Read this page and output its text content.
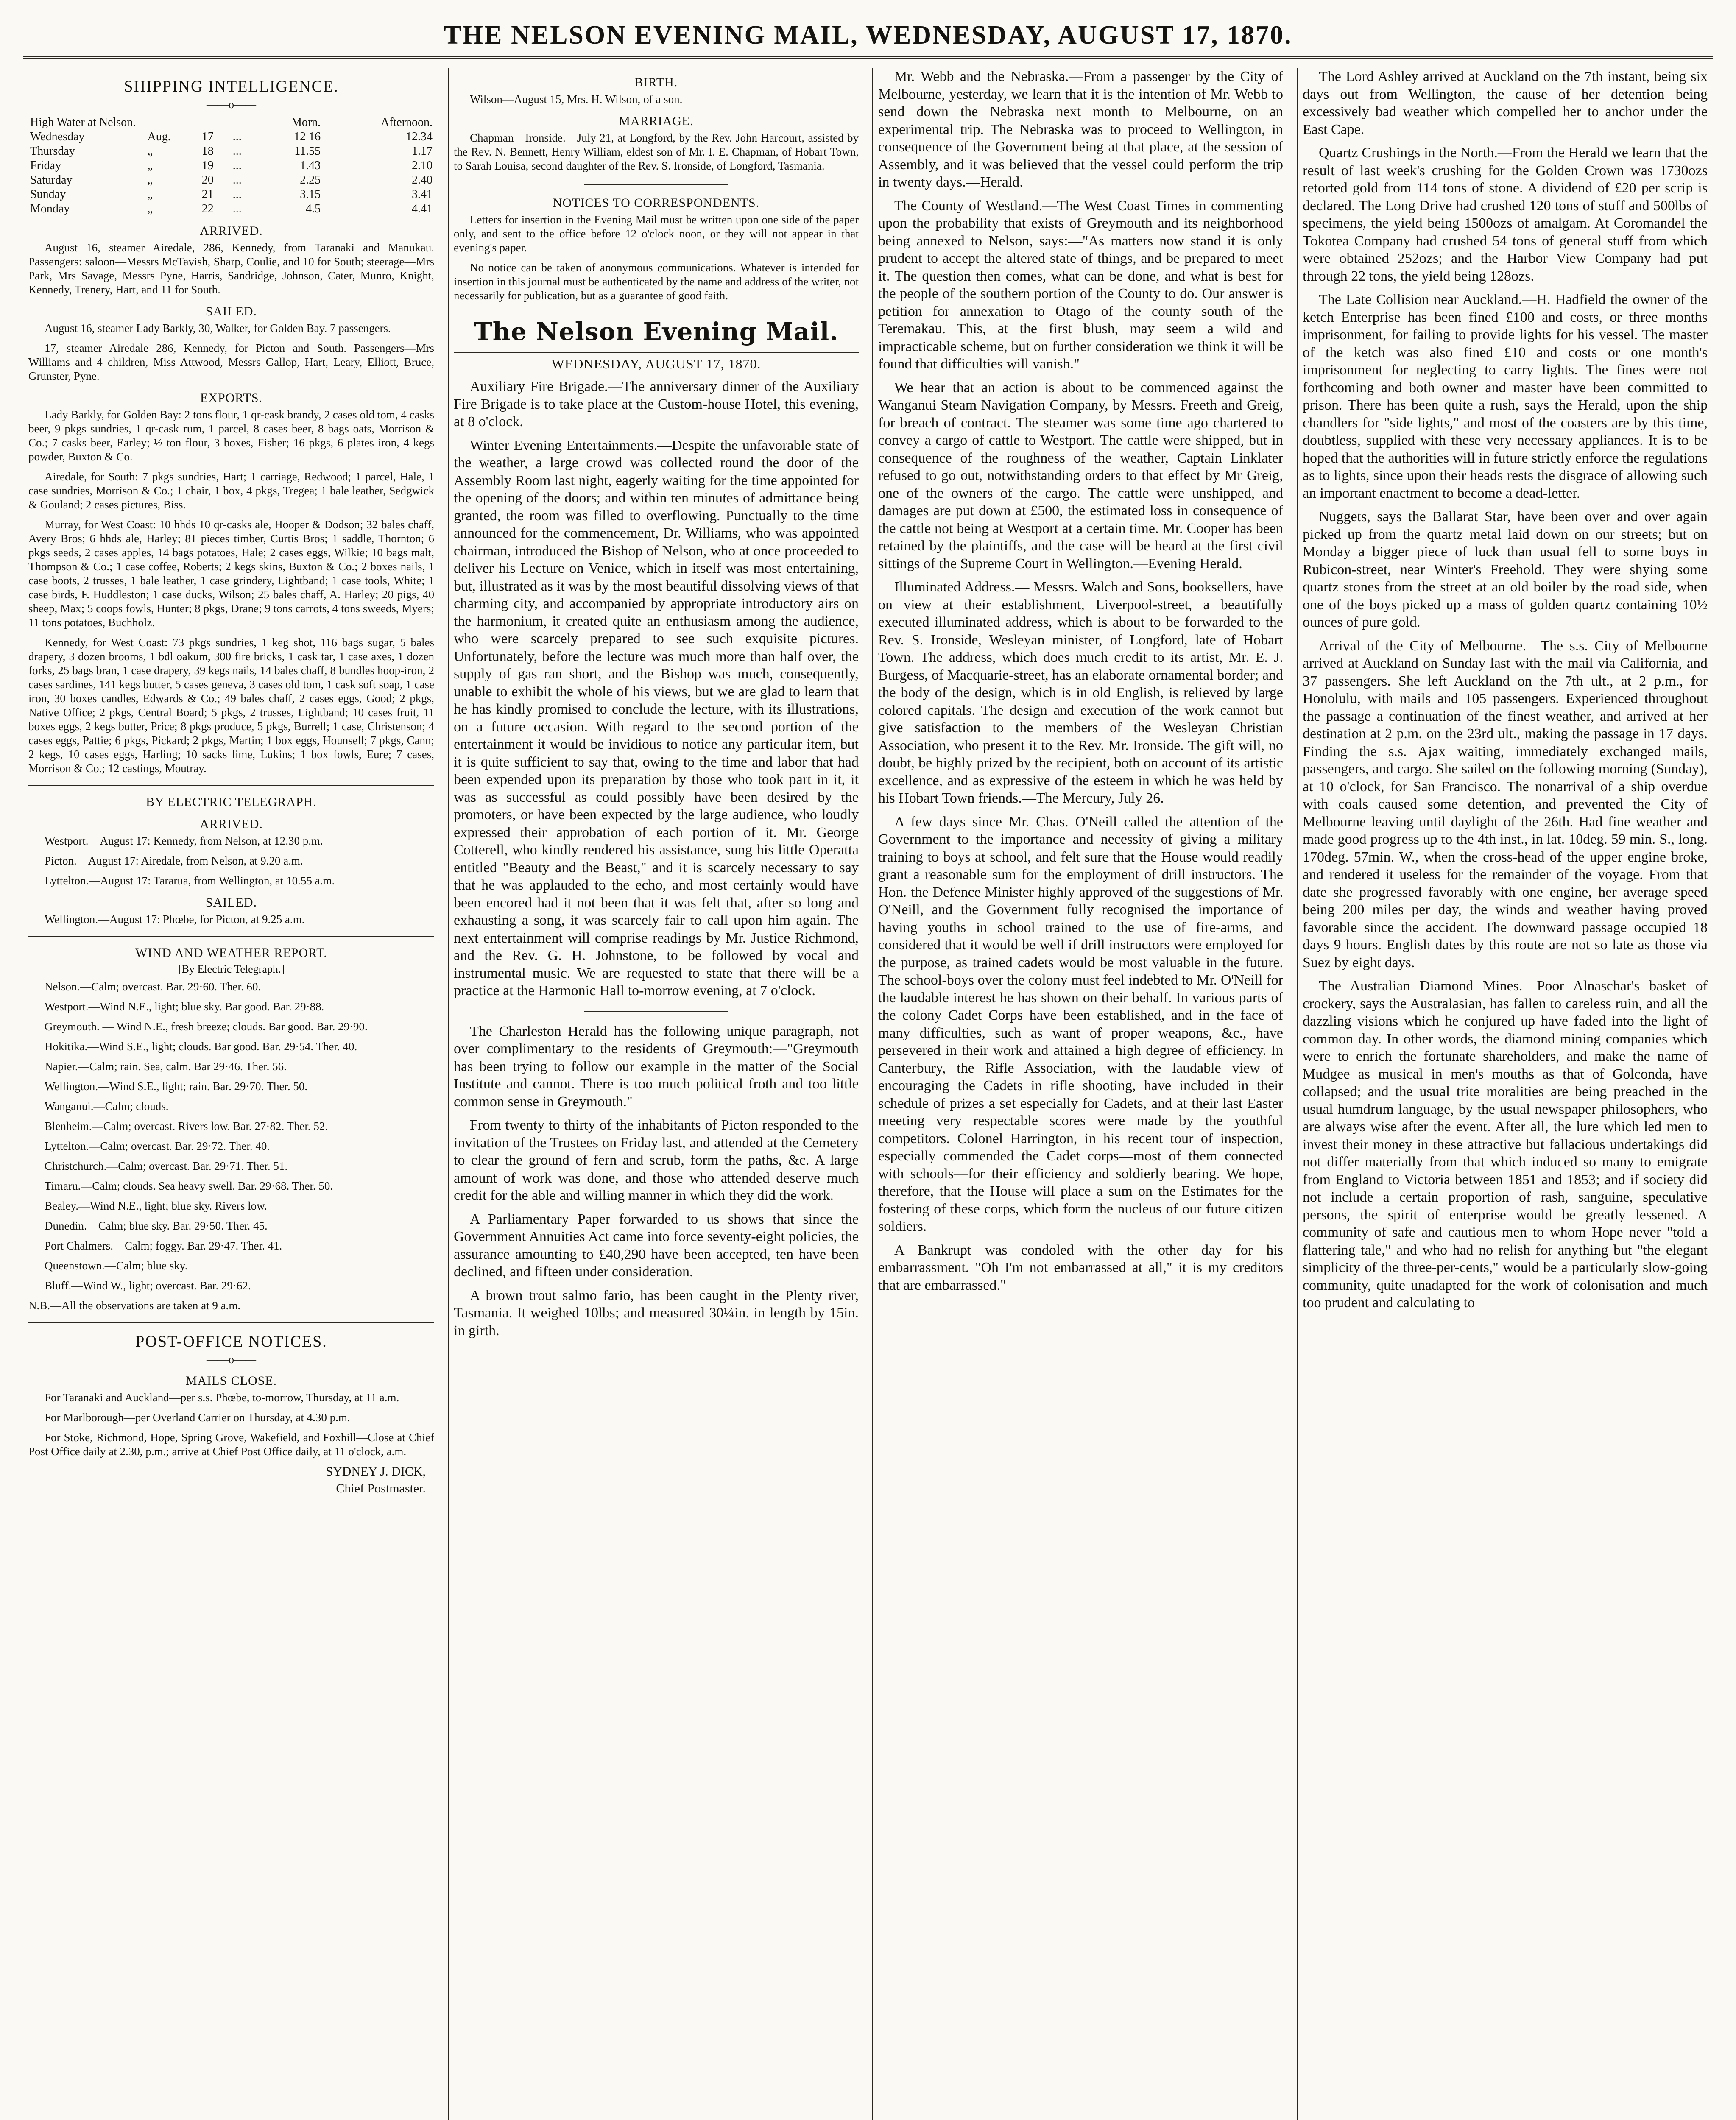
THE NELSON EVENING MAIL, WEDNESDAY, AUGUST 17, 1870.
SHIPPING INTELLIGENCE.
——o——
High Water at Nelson.				Morn.	Afternoon.
Wednesday	Aug.	17	...	12 16	12.34
Thursday	„	18	...	11.55	1.17
Friday	„	19	...	1.43	2.10
Saturday	„	20	...	2.25	2.40
Sunday	„	21	...	3.15	3.41
Monday	„	22	...	4.5	4.41
ARRIVED.

August 16, steamer Airedale, 286, Kennedy, from Taranaki and Manukau. Passengers: saloon—Messrs McTavish, Sharp, Coulie, and 10 for South; steerage—Mrs Park, Mrs Savage, Messrs Pyne, Harris, Sandridge, Johnson, Cater, Munro, Knight, Kennedy, Trenery, Hart, and 11 for South.

SAILED.

August 16, steamer Lady Barkly, 30, Walker, for Golden Bay. 7 passengers.

17, steamer Airedale 286, Kennedy, for Picton and South. Passengers—Mrs Williams and 4 children, Miss Attwood, Messrs Gallop, Hart, Leary, Elliott, Bruce, Grunster, Pyne.

EXPORTS.

Lady Barkly, for Golden Bay: 2 tons flour, 1 qr-cask brandy, 2 cases old tom, 4 casks beer, 9 pkgs sundries, 1 qr-cask rum, 1 parcel, 8 cases beer, 8 bags oats, Morrison & Co.; 7 casks beer, Earley; ½ ton flour, 3 boxes, Fisher; 16 pkgs, 6 plates iron, 4 kegs powder, Buxton & Co.

Airedale, for South: 7 pkgs sundries, Hart; 1 carriage, Redwood; 1 parcel, Hale, 1 case sundries, Morrison & Co.; 1 chair, 1 box, 4 pkgs, Tregea; 1 bale leather, Sedgwick & Gouland; 2 cases pictures, Biss.

Murray, for West Coast: 10 hhds 10 qr-casks ale, Hooper & Dodson; 32 bales chaff, Avery Bros; 6 hhds ale, Harley; 81 pieces timber, Curtis Bros; 1 saddle, Thornton; 6 pkgs seeds, 2 cases apples, 14 bags potatoes, Hale; 2 cases eggs, Wilkie; 10 bags malt, Thompson & Co.; 1 case coffee, Roberts; 2 kegs skins, Buxton & Co.; 2 boxes nails, 1 case boots, 2 trusses, 1 bale leather, 1 case grindery, Lightband; 1 case tools, White; 1 case birds, F. Huddleston; 1 case ducks, Wilson; 25 bales chaff, A. Harley; 20 pigs, 40 sheep, Max; 5 coops fowls, Hunter; 8 pkgs, Drane; 9 tons carrots, 4 tons sweeds, Myers; 11 tons potatoes, Buchholz.

Kennedy, for West Coast: 73 pkgs sundries, 1 keg shot, 116 bags sugar, 5 bales drapery, 3 dozen brooms, 1 bdl oakum, 300 fire bricks, 1 cask tar, 1 case axes, 1 dozen forks, 25 bags bran, 1 case drapery, 39 kegs nails, 14 bales chaff, 8 bundles hoop-iron, 2 cases sardines, 141 kegs butter, 5 cases geneva, 3 cases old tom, 1 cask soft soap, 1 case iron, 30 boxes candles, Edwards & Co.; 49 bales chaff, 2 cases eggs, Good; 2 pkgs, Native Office; 2 pkgs, Central Board; 5 pkgs, 2 trusses, Lightband; 10 cases fruit, 11 boxes eggs, 2 kegs butter, Price; 8 pkgs produce, 5 pkgs, Burrell; 1 case, Christenson; 4 cases eggs, Pattie; 6 pkgs, Pickard; 2 pkgs, Martin; 1 box eggs, Hounsell; 7 pkgs, Cann; 2 kegs, 10 cases eggs, Harling; 10 sacks lime, Lukins; 1 box fowls, Eure; 7 cases, Morrison & Co.; 12 castings, Moutray.

BY ELECTRIC TELEGRAPH.
ARRIVED.

Westport.—August 17: Kennedy, from Nelson, at 12.30 p.m.

Picton.—August 17: Airedale, from Nelson, at 9.20 a.m.

Lyttelton.—August 17: Tararua, from Wellington, at 10.55 a.m.

SAILED.

Wellington.—August 17: Phœbe, for Picton, at 9.25 a.m.

WIND AND WEATHER REPORT.
[By Electric Telegraph.]

Nelson.—Calm; overcast. Bar. 29·60. Ther. 60.

Westport.—Wind N.E., light; blue sky. Bar good. Bar. 29·88.

Greymouth. — Wind N.E., fresh breeze; clouds. Bar good. Bar. 29·90.

Hokitika.—Wind S.E., light; clouds. Bar good. Bar. 29·54. Ther. 40.

Napier.—Calm; rain. Sea, calm. Bar 29·46. Ther. 56.

Wellington.—Wind S.E., light; rain. Bar. 29·70. Ther. 50.

Wanganui.—Calm; clouds.

Blenheim.—Calm; overcast. Rivers low. Bar. 27·82. Ther. 52.

Lyttelton.—Calm; overcast. Bar. 29·72. Ther. 40.

Christchurch.—Calm; overcast. Bar. 29·71. Ther. 51.

Timaru.—Calm; clouds. Sea heavy swell. Bar. 29·68. Ther. 50.

Bealey.—Wind N.E., light; blue sky. Rivers low.

Dunedin.—Calm; blue sky. Bar. 29·50. Ther. 45.

Port Chalmers.—Calm; foggy. Bar. 29·47. Ther. 41.

Queenstown.—Calm; blue sky.

Bluff.—Wind W., light; overcast. Bar. 29·62.

N.B.—All the observations are taken at 9 a.m.

POST-OFFICE NOTICES.
——o——
MAILS CLOSE.

For Taranaki and Auckland—per s.s. Phœbe, to-morrow, Thursday, at 11 a.m.

For Marlborough—per Overland Carrier on Thursday, at 4.30 p.m.

For Stoke, Richmond, Hope, Spring Grove, Wakefield, and Foxhill—Close at Chief Post Office daily at 2.30, p.m.; arrive at Chief Post Office daily, at 11 o'clock, a.m.

SYDNEY J. DICK,
Chief Postmaster.
BIRTH.

Wilson—August 15, Mrs. H. Wilson, of a son.

MARRIAGE.

Chapman—Ironside.—July 21, at Longford, by the Rev. John Harcourt, assisted by the Rev. N. Bennett, Henry William, eldest son of Mr. I. E. Chapman, of Hobart Town, to Sarah Louisa, second daughter of the Rev. S. Ironside, of Longford, Tasmania.

NOTICES TO CORRESPONDENTS.

Letters for insertion in the Evening Mail must be written upon one side of the paper only, and sent to the office before 12 o'clock noon, or they will not appear in that evening's paper.

No notice can be taken of anonymous communications. Whatever is intended for insertion in this journal must be authenticated by the name and address of the writer, not necessarily for publication, but as a guarantee of good faith.

The Nelson Evening Mail.
WEDNESDAY, AUGUST 17, 1870.

Auxiliary Fire Brigade.—The anniversary dinner of the Auxiliary Fire Brigade is to take place at the Custom-house Hotel, this evening, at 8 o'clock.

Winter Evening Entertainments.—Despite the unfavorable state of the weather, a large crowd was collected round the door of the Assembly Room last night, eagerly waiting for the time appointed for the opening of the doors; and within ten minutes of admittance being granted, the room was filled to overflowing. Punctually to the time announced for the commencement, Dr. Williams, who was appointed chairman, introduced the Bishop of Nelson, who at once proceeded to deliver his Lecture on Venice, which in itself was most entertaining, but, illustrated as it was by the most beautiful dissolving views of that charming city, and accompanied by appropriate introductory airs on the harmonium, it created quite an enthusiasm among the audience, who were scarcely prepared to see such exquisite pictures. Unfortunately, before the lecture was much more than half over, the supply of gas ran short, and the Bishop was much, consequently, unable to exhibit the whole of his views, but we are glad to learn that he has kindly promised to conclude the lecture, with its illustrations, on a future occasion. With regard to the second portion of the entertainment it would be invidious to notice any particular item, but it is quite sufficient to say that, owing to the time and labor that had been expended upon its preparation by those who took part in it, it was as successful as could possibly have been desired by the promoters, or have been expected by the large audience, who loudly expressed their approbation of each portion of it. Mr. George Cotterell, who kindly rendered his assistance, sung his little Operatta entitled "Beauty and the Beast," and it is scarcely necessary to say that he was applauded to the echo, and most certainly would have been encored had it not been that it was felt that, after so long and exhausting a song, it was scarcely fair to call upon him again. The next entertainment will comprise readings by Mr. Justice Richmond, and the Rev. G. H. Johnstone, to be followed by vocal and instrumental music. We are requested to state that there will be a practice at the Harmonic Hall to-morrow evening, at 7 o'clock.

The Charleston Herald has the following unique paragraph, not over complimentary to the residents of Greymouth:—"Greymouth has been trying to follow our example in the matter of the Social Institute and cannot. There is too much political froth and too little common sense in Greymouth."

From twenty to thirty of the inhabitants of Picton responded to the invitation of the Trustees on Friday last, and attended at the Cemetery to clear the ground of fern and scrub, form the paths, &c. A large amount of work was done, and those who attended deserve much credit for the able and willing manner in which they did the work.

A Parliamentary Paper forwarded to us shows that since the Government Annuities Act came into force seventy-eight policies, the assurance amounting to £40,290 have been accepted, ten have been declined, and fifteen under consideration.

A brown trout salmo fario, has been caught in the Plenty river, Tasmania. It weighed 10lbs; and measured 30¼in. in length by 15in. in girth.

Mr. Webb and the Nebraska.—From a passenger by the City of Melbourne, yesterday, we learn that it is the intention of Mr. Webb to send down the Nebraska next month to Melbourne, on an experimental trip. The Nebraska was to proceed to Wellington, in consequence of the Government being at that place, at the session of Assembly, and it was believed that the vessel could perform the trip in twenty days.—Herald.

The County of Westland.—The West Coast Times in commenting upon the probability that exists of Greymouth and its neighborhood being annexed to Nelson, says:—"As matters now stand it is only prudent to accept the altered state of things, and be prepared to meet it. The question then comes, what can be done, and what is best for the people of the southern portion of the County to do. Our answer is petition for annexation to Otago of the county south of the Teremakau. This, at the first blush, may seem a wild and impracticable scheme, but on further consideration we think it will be found that difficulties will vanish."

We hear that an action is about to be commenced against the Wanganui Steam Navigation Company, by Messrs. Freeth and Greig, for breach of contract. The steamer was some time ago chartered to convey a cargo of cattle to Westport. The cattle were shipped, but in consequence of the roughness of the weather, Captain Linklater refused to go out, notwithstanding orders to that effect by Mr Greig, one of the owners of the cargo. The cattle were unshipped, and damages are put down at £500, the estimated loss in consequence of the cattle not being at Westport at a certain time. Mr. Cooper has been retained by the plaintiffs, and the case will be heard at the first civil sittings of the Supreme Court in Wellington.—Evening Herald.

Illuminated Address.— Messrs. Walch and Sons, booksellers, have on view at their establishment, Liverpool-street, a beautifully executed illuminated address, which is about to be forwarded to the Rev. S. Ironside, Wesleyan minister, of Longford, late of Hobart Town. The address, which does much credit to its artist, Mr. E. J. Burgess, of Macquarie-street, has an elaborate ornamental border; and the body of the design, which is in old English, is relieved by large colored capitals. The design and execution of the work cannot but give satisfaction to the members of the Wesleyan Christian Association, who present it to the Rev. Mr. Ironside. The gift will, no doubt, be highly prized by the recipient, both on account of its artistic excellence, and as expressive of the esteem in which he was held by his Hobart Town friends.—The Mercury, July 26.

A few days since Mr. Chas. O'Neill called the attention of the Government to the importance and necessity of giving a military training to boys at school, and felt sure that the House would readily grant a reasonable sum for the employment of drill instructors. The Hon. the Defence Minister highly approved of the suggestions of Mr. O'Neill, and the Government fully recognised the importance of having youths in school trained to the use of fire-arms, and considered that it would be well if drill instructors were employed for the purpose, as trained cadets would be most valuable in the future. The school-boys over the colony must feel indebted to Mr. O'Neill for the laudable interest he has shown on their behalf. In various parts of the colony Cadet Corps have been established, and in the face of many difficulties, such as want of proper weapons, &c., have persevered in their work and attained a high degree of efficiency. In Canterbury, the Rifle Association, with the laudable view of encouraging the Cadets in rifle shooting, have included in their schedule of prizes a set especially for Cadets, and at their last Easter meeting very respectable scores were made by the youthful competitors. Colonel Harrington, in his recent tour of inspection, especially commended the Cadet corps—most of them connected with schools—for their efficiency and soldierly bearing. We hope, therefore, that the House will place a sum on the Estimates for the fostering of these corps, which form the nucleus of our future citizen soldiers.

A Bankrupt was condoled with the other day for his embarrassment. "Oh I'm not embarrassed at all," it is my creditors that are embarrassed."

The Lord Ashley arrived at Auckland on the 7th instant, being six days out from Wellington, the cause of her detention being excessively bad weather which compelled her to anchor under the East Cape.

Quartz Crushings in the North.—From the Herald we learn that the result of last week's crushing for the Golden Crown was 1730ozs retorted gold from 114 tons of stone. A dividend of £20 per scrip is declared. The Long Drive had crushed 120 tons of stuff and 500lbs of specimens, the yield being 1500ozs of amalgam. At Coromandel the Tokotea Company had crushed 54 tons of general stuff from which were obtained 252ozs; and the Harbor View Company had put through 22 tons, the yield being 128ozs.

The Late Collision near Auckland.—H. Hadfield the owner of the ketch Enterprise has been fined £100 and costs, or three months imprisonment, for failing to provide lights for his vessel. The master of the ketch was also fined £10 and costs or one month's imprisonment for neglecting to carry lights. The fines were not forthcoming and both owner and master have been committed to prison. There has been quite a rush, says the Herald, upon the ship chandlers for "side lights," and most of the coasters are by this time, doubtless, supplied with these very necessary appliances. It is to be hoped that the authorities will in future strictly enforce the regulations as to lights, since upon their heads rests the disgrace of allowing such an important enactment to become a dead-letter.

Nuggets, says the Ballarat Star, have been over and over again picked up from the quartz metal laid down on our streets; but on Monday a bigger piece of luck than usual fell to some boys in Rubicon-street, near Winter's Freehold. They were shying some quartz stones from the street at an old boiler by the road side, when one of the boys picked up a mass of golden quartz containing 10½ ounces of pure gold.

Arrival of the City of Melbourne.—The s.s. City of Melbourne arrived at Auckland on Sunday last with the mail via California, and 37 passengers. She left Auckland on the 7th ult., at 2 p.m., for Honolulu, with mails and 105 passengers. Experienced throughout the passage a continuation of the finest weather, and arrived at her destination at 2 p.m. on the 23rd ult., making the passage in 17 days. Finding the s.s. Ajax waiting, immediately exchanged mails, passengers, and cargo. She sailed on the following morning (Sunday), at 10 o'clock, for San Francisco. The nonarrival of a ship overdue with coals caused some detention, and prevented the City of Melbourne leaving until daylight of the 26th. Had fine weather and made good progress up to the 4th inst., in lat. 10deg. 59 min. S., long. 170deg. 57min. W., when the cross-head of the upper engine broke, and rendered it useless for the remainder of the voyage. From that date she progressed favorably with one engine, her average speed being 200 miles per day, the winds and weather having proved favorable since the accident. The downward passage occupied 18 days 9 hours. English dates by this route are not so late as those via Suez by eight days.

The Australian Diamond Mines.—Poor Alnaschar's basket of crockery, says the Australasian, has fallen to careless ruin, and all the dazzling visions which he conjured up have faded into the light of common day. In other words, the diamond mining companies which were to enrich the fortunate shareholders, and make the name of Mudgee as musical in men's mouths as that of Golconda, have collapsed; and the usual trite moralities are being preached in the usual humdrum language, by the usual newspaper philosophers, who are always wise after the event. After all, the lure which led men to invest their money in these attractive but fallacious undertakings did not differ materially from that which induced so many to emigrate from England to Victoria between 1851 and 1853; and if society did not include a certain proportion of rash, sanguine, speculative persons, the spirit of enterprise would be greatly lessened. A community of safe and cautious men to whom Hope never "told a flattering tale," and who had no relish for anything but "the elegant simplicity of the three-per-cents," would be a particularly slow-going community, quite unadapted for the work of colonisation and much too prudent and calculating to
